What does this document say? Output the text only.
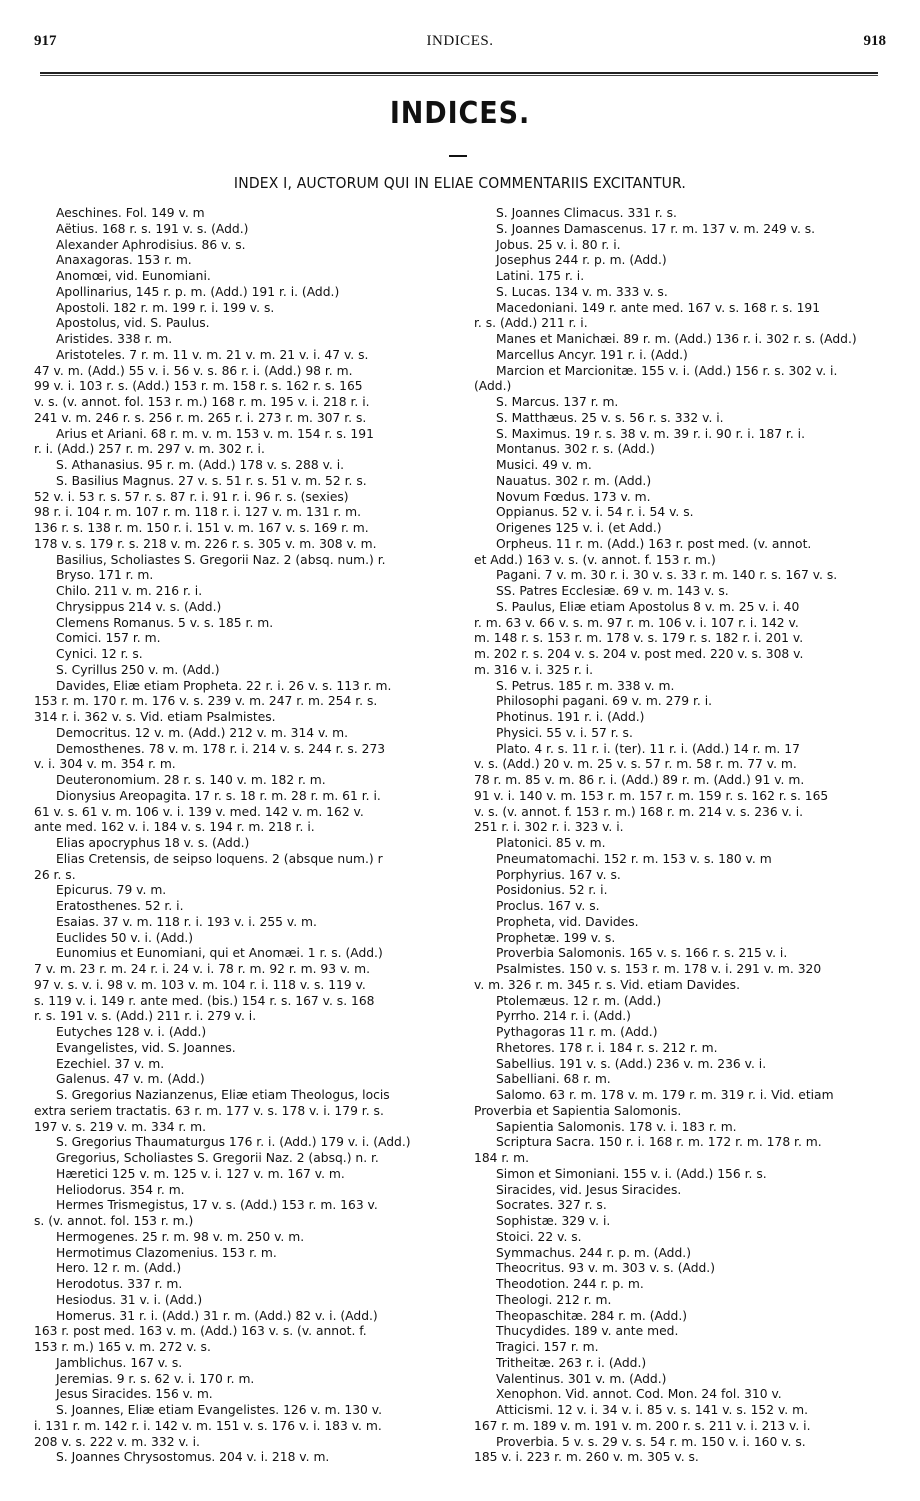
917	INDICES.	918
INDICES.
INDEX I, AUCTORUM QUI IN ELIAE COMMENTARIIS EXCITANTUR.
Aeschines. Fol. 149 v. m
Aëtius. 168 r. s. 191 v. s. (Add.)
Alexander Aphrodisius. 86 v. s.
Anaxagoras. 153 r. m.
Anomœi, vid. Eunomiani.
Apollinarius, 145 r. p. m. (Add.) 191 r. i. (Add.)
Apostoli. 182 r. m. 199 r. i. 199 v. s.
Apostolus, vid. S. Paulus.
Aristides. 338 r. m.
Aristoteles. 7 r. m. 11 v. m. 21 v. m. 21 v. i. 47 v. s.
47 v. m. (Add.) 55 v. i. 56 v. s. 86 r. i. (Add.) 98 r. m.
99 v. i. 103 r. s. (Add.) 153 r. m. 158 r. s. 162 r. s. 165
v. s. (v. annot. fol. 153 r. m.) 168 r. m. 195 v. i. 218 r. i.
241 v. m. 246 r. s. 256 r. m. 265 r. i. 273 r. m. 307 r. s.
Arius et Ariani. 68 r. m. v. m. 153 v. m. 154 r. s. 191
r. i. (Add.) 257 r. m. 297 v. m. 302 r. i.
S. Athanasius. 95 r. m. (Add.) 178 v. s. 288 v. i.
S. Basilius Magnus. 27 v. s. 51 r. s. 51 v. m. 52 r. s.
52 v. i. 53 r. s. 57 r. s. 87 r. i. 91 r. i. 96 r. s. (sexies)
98 r. i. 104 r. m. 107 r. m. 118 r. i. 127 v. m. 131 r. m.
136 r. s. 138 r. m. 150 r. i. 151 v. m. 167 v. s. 169 r. m.
178 v. s. 179 r. s. 218 v. m. 226 r. s. 305 v. m. 308 v. m.
Basilius, Scholiastes S. Gregorii Naz. 2 (absq. num.) r.
Bryso. 171 r. m.
Chilo. 211 v. m. 216 r. i.
Chrysippus 214 v. s. (Add.)
Clemens Romanus. 5 v. s. 185 r. m.
Comici. 157 r. m.
Cynici. 12 r. s.
S. Cyrillus 250 v. m. (Add.)
Davides, Eliæ etiam Propheta. 22 r. i. 26 v. s. 113 r. m.
153 r. m. 170 r. m. 176 v. s. 239 v. m. 247 r. m. 254 r. s.
314 r. i. 362 v. s. Vid. etiam Psalmistes.
Democritus. 12 v. m. (Add.) 212 v. m. 314 v. m.
Demosthenes. 78 v. m. 178 r. i. 214 v. s. 244 r. s. 273
v. i. 304 v. m. 354 r. m.
Deuteronomium. 28 r. s. 140 v. m. 182 r. m.
Dionysius Areopagita. 17 r. s. 18 r. m. 28 r. m. 61 r. i.
61 v. s. 61 v. m. 106 v. i. 139 v. med. 142 v. m. 162 v.
ante med. 162 v. i. 184 v. s. 194 r. m. 218 r. i.
Elias apocryphus 18 v. s. (Add.)
Elias Cretensis, de seipso loquens. 2 (absque num.) r
26 r. s.
Epicurus. 79 v. m.
Eratosthenes. 52 r. i.
Esaias. 37 v. m. 118 r. i. 193 v. i. 255 v. m.
Euclides 50 v. i. (Add.)
Eunomius et Eunomiani, qui et Anomæi. 1 r. s. (Add.)
7 v. m. 23 r. m. 24 r. i. 24 v. i. 78 r. m. 92 r. m. 93 v. m.
97 v. s. v. i. 98 v. m. 103 v. m. 104 r. i. 118 v. s. 119 v.
s. 119 v. i. 149 r. ante med. (bis.) 154 r. s. 167 v. s. 168
r. s. 191 v. s. (Add.) 211 r. i. 279 v. i.
Eutyches 128 v. i. (Add.)
Evangelistes, vid. S. Joannes.
Ezechiel. 37 v. m.
Galenus. 47 v. m. (Add.)
S. Gregorius Nazianzenus, Eliæ etiam Theologus, locis
extra seriem tractatis. 63 r. m. 177 v. s. 178 v. i. 179 r. s.
197 v. s. 219 v. m. 334 r. m.
S. Gregorius Thaumaturgus 176 r. i. (Add.) 179 v. i. (Add.)
Gregorius, Scholiastes S. Gregorii Naz. 2 (absq.) n. r.
Hæretici 125 v. m. 125 v. i. 127 v. m. 167 v. m.
Heliodorus. 354 r. m.
Hermes Trismegistus, 17 v. s. (Add.) 153 r. m. 163 v.
s. (v. annot. fol. 153 r. m.)
Hermogenes. 25 r. m. 98 v. m. 250 v. m.
Hermotimus Clazomenius. 153 r. m.
Hero. 12 r. m. (Add.)
Herodotus. 337 r. m.
Hesiodus. 31 v. i. (Add.)
Homerus. 31 r. i. (Add.) 31 r. m. (Add.) 82 v. i. (Add.)
163 r. post med. 163 v. m. (Add.) 163 v. s. (v. annot. f.
153 r. m.) 165 v. m. 272 v. s.
Jamblichus. 167 v. s.
Jeremias. 9 r. s. 62 v. i. 170 r. m.
Jesus Siracides. 156 v. m.
S. Joannes, Eliæ etiam Evangelistes. 126 v. m. 130 v.
i. 131 r. m. 142 r. i. 142 v. m. 151 v. s. 176 v. i. 183 v. m.
208 v. s. 222 v. m. 332 v. i.
S. Joannes Chrysostomus. 204 v. i. 218 v. m.
S. Joannes Climacus. 331 r. s.
S. Joannes Damascenus. 17 r. m. 137 v. m. 249 v. s.
Jobus. 25 v. i. 80 r. i.
Josephus 244 r. p. m. (Add.)
Latini. 175 r. i.
S. Lucas. 134 v. m. 333 v. s.
Macedoniani. 149 r. ante med. 167 v. s. 168 r. s. 191
r. s. (Add.) 211 r. i.
Manes et Manichæi. 89 r. m. (Add.) 136 r. i. 302 r. s. (Add.)
Marcellus Ancyr. 191 r. i. (Add.)
Marcion et Marcionitæ. 155 v. i. (Add.) 156 r. s. 302 v. i.
(Add.)
S. Marcus. 137 r. m.
S. Matthæus. 25 v. s. 56 r. s. 332 v. i.
S. Maximus. 19 r. s. 38 v. m. 39 r. i. 90 r. i. 187 r. i.
Montanus. 302 r. s. (Add.)
Musici. 49 v. m.
Nauatus. 302 r. m. (Add.)
Novum Fœdus. 173 v. m.
Oppianus. 52 v. i. 54 r. i. 54 v. s.
Origenes 125 v. i. (et Add.)
Orpheus. 11 r. m. (Add.) 163 r. post med. (v. annot.
et Add.) 163 v. s. (v. annot. f. 153 r. m.)
Pagani. 7 v. m. 30 r. i. 30 v. s. 33 r. m. 140 r. s. 167 v. s.
SS. Patres Ecclesiæ. 69 v. m. 143 v. s.
S. Paulus, Eliæ etiam Apostolus 8 v. m. 25 v. i. 40
r. m. 63 v. 66 v. s. m. 97 r. m. 106 v. i. 107 r. i. 142 v.
m. 148 r. s. 153 r. m. 178 v. s. 179 r. s. 182 r. i. 201 v.
m. 202 r. s. 204 v. s. 204 v. post med. 220 v. s. 308 v.
m. 316 v. i. 325 r. i.
S. Petrus. 185 r. m. 338 v. m.
Philosophi pagani. 69 v. m. 279 r. i.
Photinus. 191 r. i. (Add.)
Physici. 55 v. i. 57 r. s.
Plato. 4 r. s. 11 r. i. (ter). 11 r. i. (Add.) 14 r. m. 17
v. s. (Add.) 20 v. m. 25 v. s. 57 r. m. 58 r. m. 77 v. m.
78 r. m. 85 v. m. 86 r. i. (Add.) 89 r. m. (Add.) 91 v. m.
91 v. i. 140 v. m. 153 r. m. 157 r. m. 159 r. s. 162 r. s. 165
v. s. (v. annot. f. 153 r. m.) 168 r. m. 214 v. s. 236 v. i.
251 r. i. 302 r. i. 323 v. i.
Platonici. 85 v. m.
Pneumatomachi. 152 r. m. 153 v. s. 180 v. m
Porphyrius. 167 v. s.
Posidonius. 52 r. i.
Proclus. 167 v. s.
Propheta, vid. Davides.
Prophetæ. 199 v. s.
Proverbia Salomonis. 165 v. s. 166 r. s. 215 v. i.
Psalmistes. 150 v. s. 153 r. m. 178 v. i. 291 v. m. 320
v. m. 326 r. m. 345 r. s. Vid. etiam Davides.
Ptolemæus. 12 r. m. (Add.)
Pyrrho. 214 r. i. (Add.)
Pythagoras 11 r. m. (Add.)
Rhetores. 178 r. i. 184 r. s. 212 r. m.
Sabellius. 191 v. s. (Add.) 236 v. m. 236 v. i.
Sabelliani. 68 r. m.
Salomo. 63 r. m. 178 v. m. 179 r. m. 319 r. i. Vid. etiam
Proverbia et Sapientia Salomonis.
Sapientia Salomonis. 178 v. i. 183 r. m.
Scriptura Sacra. 150 r. i. 168 r. m. 172 r. m. 178 r. m.
184 r. m.
Simon et Simoniani. 155 v. i. (Add.) 156 r. s.
Siracides, vid. Jesus Siracides.
Socrates. 327 r. s.
Sophistæ. 329 v. i.
Stoici. 22 v. s.
Symmachus. 244 r. p. m. (Add.)
Theocritus. 93 v. m. 303 v. s. (Add.)
Theodotion. 244 r. p. m.
Theologi. 212 r. m.
Theopaschitæ. 284 r. m. (Add.)
Thucydides. 189 v. ante med.
Tragici. 157 r. m.
Tritheitæ. 263 r. i. (Add.)
Valentinus. 301 v. m. (Add.)
Xenophon. Vid. annot. Cod. Mon. 24 fol. 310 v.
Atticismi. 12 v. i. 34 v. i. 85 v. s. 141 v. s. 152 v. m.
167 r. m. 189 v. m. 191 v. m. 200 r. s. 211 v. i. 213 v. i.
Proverbia. 5 v. s. 29 v. s. 54 r. m. 150 v. i. 160 v. s.
185 v. i. 223 r. m. 260 v. m. 305 v. s.
